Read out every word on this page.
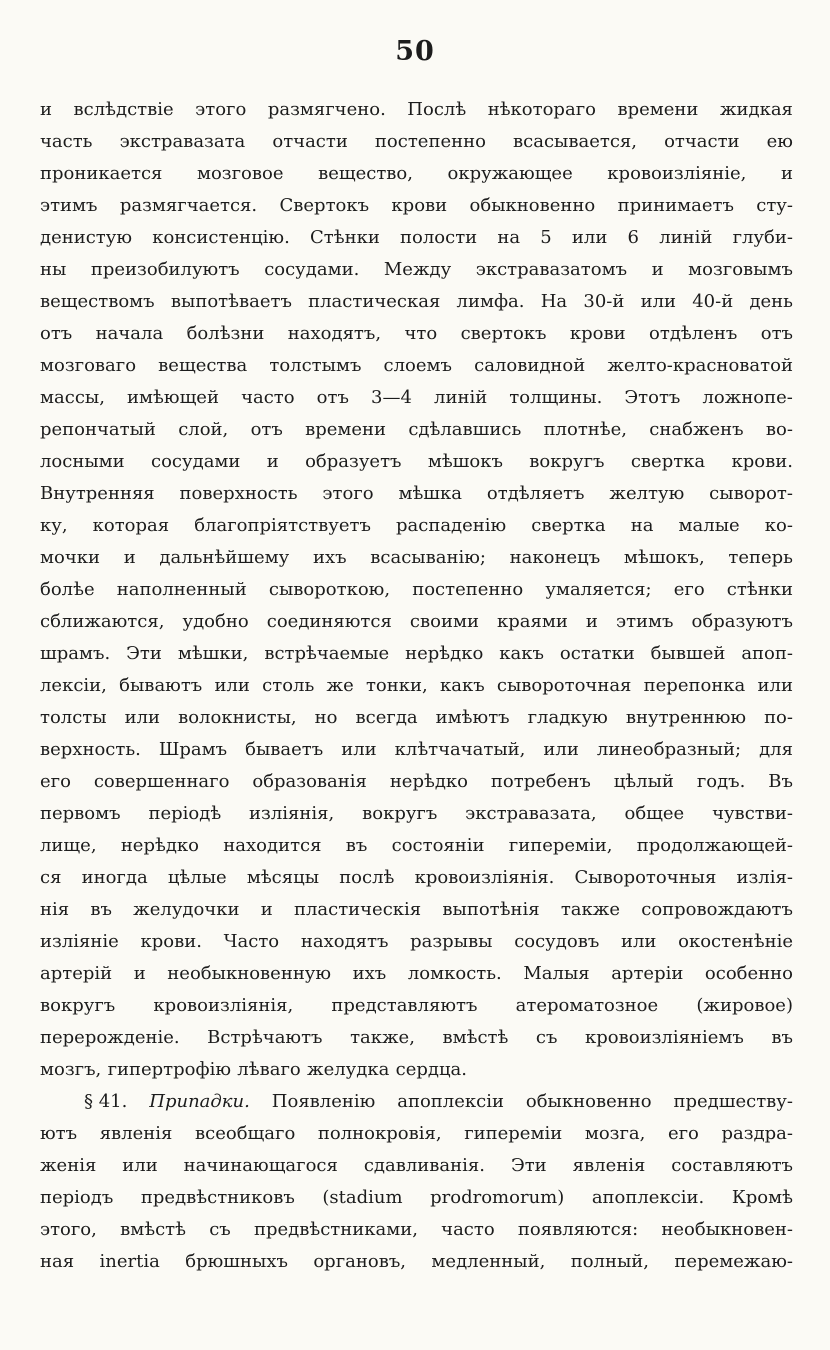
50
и вслѣдствіе этого размягчено. Послѣ нѣкотораго времени жидкая
часть экстравазата отчасти постепенно всасывается, отчасти ею
проникается мозговое вещество, окружающее кровоизліяніе, и
этимъ размягчается. Свертокъ крови обыкновенно принимаетъ сту-
денистую консистенцію. Стѣнки полости на 5 или 6 линій глуби-
ны преизобилуютъ сосудами. Между экстравазатомъ и мозговымъ
веществомъ выпотѣваетъ пластическая лимфа. На 30-й или 40-й день
отъ начала болѣзни находятъ, что свертокъ крови отдѣленъ отъ
мозговаго вещества толстымъ слоемъ саловидной желто-красноватой
массы, имѣющей часто отъ 3—4 линій толщины. Этотъ ложнопе-
репончатый слой, отъ времени сдѣлавшись плотнѣе, снабженъ во-
лосными сосудами и образуетъ мѣшокъ вокругъ свертка крови.
Внутренняя поверхность этого мѣшка отдѣляетъ желтую сыворот-
ку, которая благопріятствуетъ распаденію свертка на малые ко-
мочки и дальнѣйшему ихъ всасыванію; наконецъ мѣшокъ, теперь
болѣе наполненный сывороткою, постепенно умаляется; его стѣнки
сближаются, удобно соединяются своими краями и этимъ образуютъ
шрамъ. Эти мѣшки, встрѣчаемые нерѣдко какъ остатки бывшей апоп-
лексіи, бываютъ или столь же тонки, какъ сывороточная перепонка или
толсты или волокнисты, но всегда имѣютъ гладкую внутреннюю по-
верхность. Шрамъ бываетъ или клѣтчачатый, или линеобразный; для
его совершеннаго образованія нерѣдко потребенъ цѣлый годъ. Въ
первомъ періодѣ изліянія, вокругъ экстравазата, общее чувстви-
лище, нерѣдко находится въ состояніи гипереміи, продолжающей-
ся иногда цѣлые мѣсяцы послѣ кровоизліянія. Сывороточныя излія-
нія въ желудочки и пластическія выпотѣнія также сопровождаютъ
изліяніе крови. Часто находятъ разрывы сосудовъ или окостенѣніе
артерій и необыкновенную ихъ ломкость. Малыя артеріи особенно
вокругъ кровоизліянія, представляютъ атероматозное (жировое)
перерожденіе. Встрѣчаютъ также, вмѣстѣ съ кровоизліяніемъ въ
мозгъ, гипертрофію лѣваго желудка сердца.
§ 41. Припадки. Появленію апоплексіи обыкновенно предшеству-
ютъ явленія всеобщаго полнокровія, гипереміи мозга, его раздра-
женія или начинающагося сдавливанія. Эти явленія составляютъ
періодъ предвѣстниковъ (stadium prodromorum) апоплексіи. Кромѣ
этого, вмѣстѣ съ предвѣстниками, часто появляются: необыкновен-
ная inertia брюшныхъ органовъ, медленный, полный, перемежаю-
